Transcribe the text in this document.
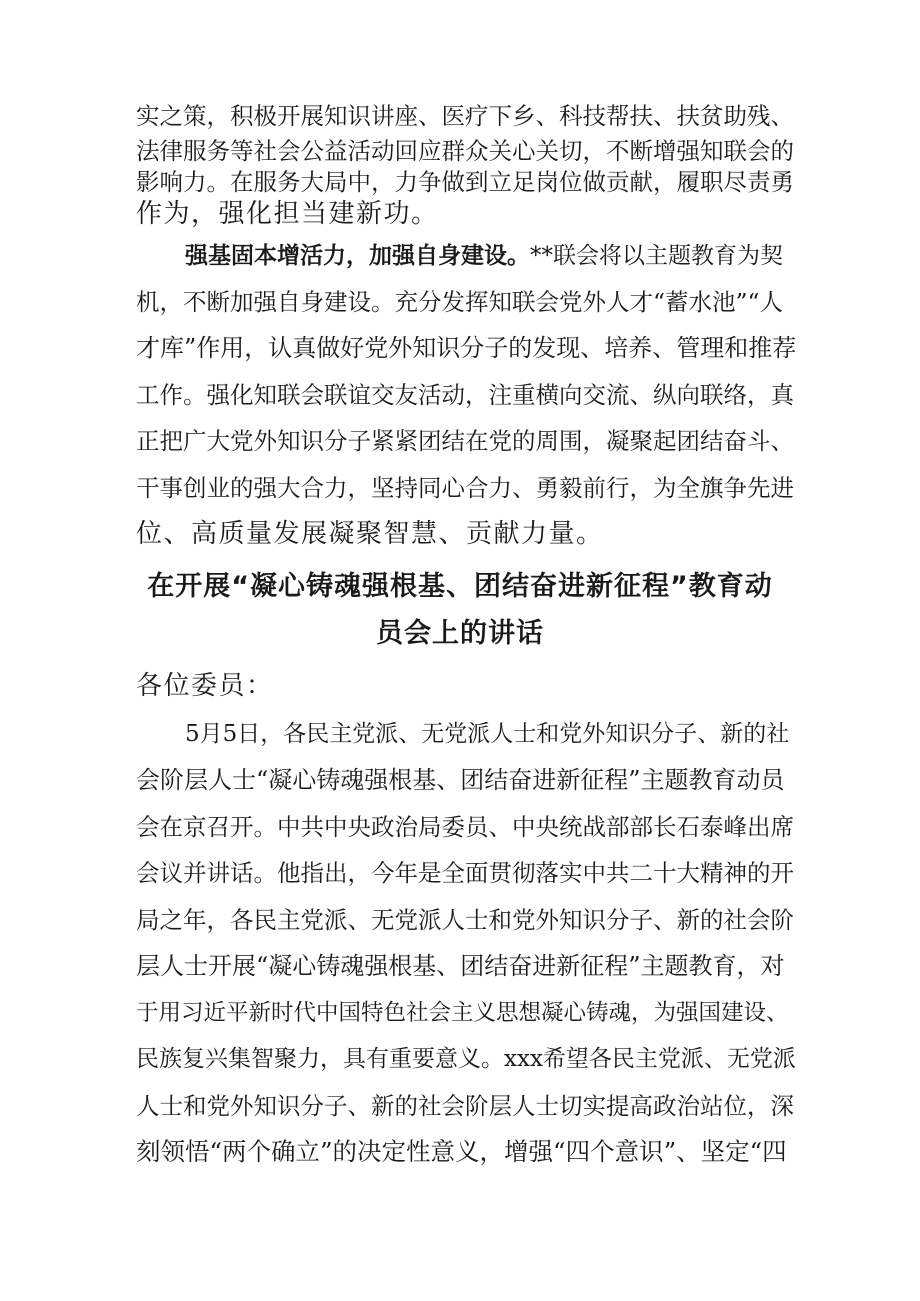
实之策，积极开展知识讲座、医疗下乡、科技帮扶、扶贫助残、
法律服务等社会公益活动回应群众关心关切，不断增强知联会的
影响力。在服务大局中，力争做到立足岗位做贡献，履职尽责勇
作为，强化担当建新功。
强基固本增活力，加强自身建设。**联会将以主题教育为契
机，不断加强自身建设。充分发挥知联会党外人才“蓄水池”“人
才库”作用，认真做好党外知识分子的发现、培养、管理和推荐
工作。强化知联会联谊交友活动，注重横向交流、纵向联络，真
正把广大党外知识分子紧紧团结在党的周围，凝聚起团结奋斗、
干事创业的强大合力，坚持同心合力、勇毅前行，为全旗争先进
位、高质量发展凝聚智慧、贡献力量。
在开展“凝心铸魂强根基、团结奋进新征程”教育动
员会上的讲话
各位委员：
5月5日，各民主党派、无党派人士和党外知识分子、新的社
会阶层人士“凝心铸魂强根基、团结奋进新征程”主题教育动员
会在京召开。中共中央政治局委员、中央统战部部长石泰峰出席
会议并讲话。他指出，今年是全面贯彻落实中共二十大精神的开
局之年，各民主党派、无党派人士和党外知识分子、新的社会阶
层人士开展“凝心铸魂强根基、团结奋进新征程”主题教育，对
于用习近平新时代中国特色社会主义思想凝心铸魂，为强国建设、
民族复兴集智聚力，具有重要意义。xxx希望各民主党派、无党派
人士和党外知识分子、新的社会阶层人士切实提高政治站位，深
刻领悟“两个确立”的决定性意义，增强“四个意识”、坚定“四
